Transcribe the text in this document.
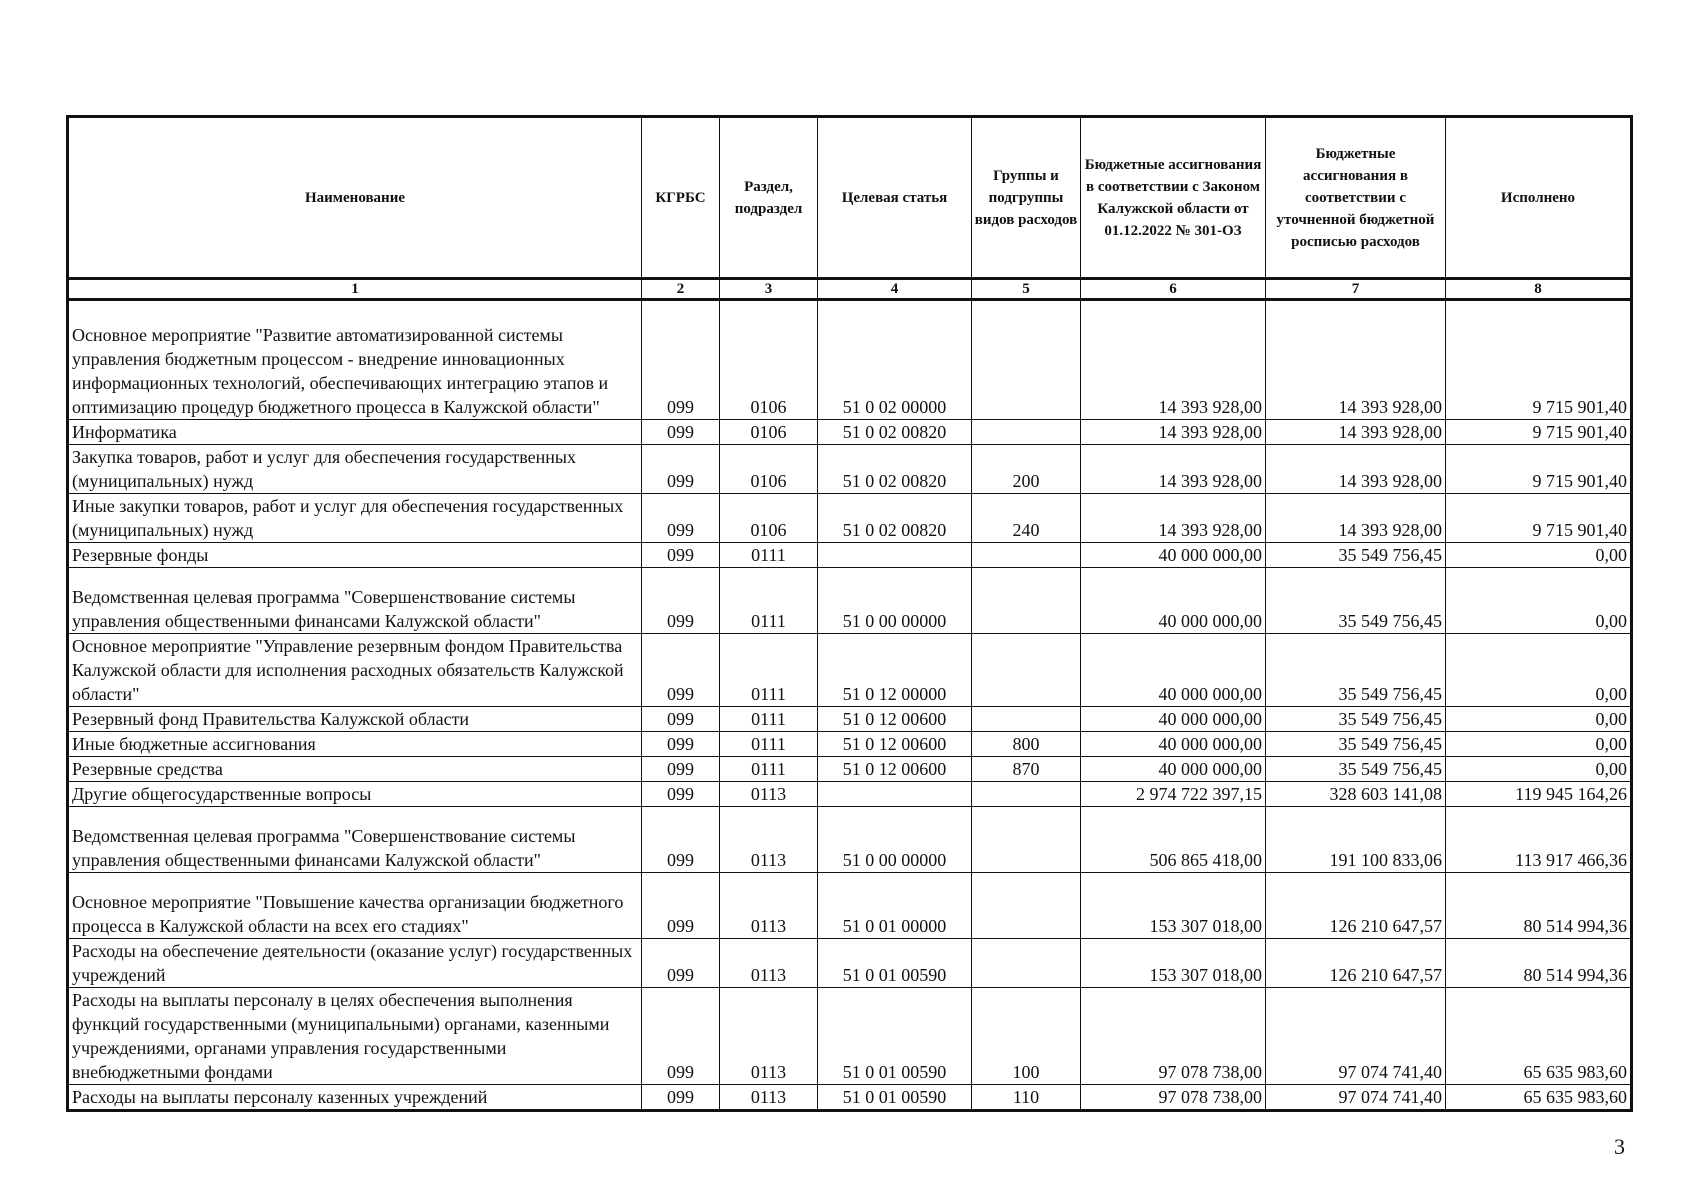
Наименование	КГРБС	Раздел, подраздел	Целевая статья	Группы и подгруппы видов расходов	Бюджетные ассигнования в соответствии с Законом Калужской области от 01.12.2022 № 301-ОЗ	Бюджетные ассигнования в соответствии с уточненной бюджетной росписью расходов	Исполнено
1	2	3	4	5	6	7	8
Основное мероприятие "Развитие автоматизированной системы управления бюджетным процессом - внедрение инновационных информационных технологий, обеспечивающих интеграцию этапов и оптимизацию процедур бюджетного процесса в Калужской области"	099	0106	51 0 02 00000		14 393 928,00	14 393 928,00	9 715 901,40
Информатика	099	0106	51 0 02 00820		14 393 928,00	14 393 928,00	9 715 901,40
Закупка товаров, работ и услуг для обеспечения государственных (муниципальных) нужд	099	0106	51 0 02 00820	200	14 393 928,00	14 393 928,00	9 715 901,40
Иные закупки товаров, работ и услуг для обеспечения государственных (муниципальных) нужд	099	0106	51 0 02 00820	240	14 393 928,00	14 393 928,00	9 715 901,40
Резервные фонды	099	0111			40 000 000,00	35 549 756,45	0,00
Ведомственная целевая программа "Совершенствование системы управления общественными финансами Калужской области"	099	0111	51 0 00 00000		40 000 000,00	35 549 756,45	0,00
Основное мероприятие "Управление резервным фондом Правительства Калужской области для исполнения расходных обязательств Калужской области"	099	0111	51 0 12 00000		40 000 000,00	35 549 756,45	0,00
Резервный фонд Правительства Калужской области	099	0111	51 0 12 00600		40 000 000,00	35 549 756,45	0,00
Иные бюджетные ассигнования	099	0111	51 0 12 00600	800	40 000 000,00	35 549 756,45	0,00
Резервные средства	099	0111	51 0 12 00600	870	40 000 000,00	35 549 756,45	0,00
Другие общегосударственные вопросы	099	0113			2 974 722 397,15	328 603 141,08	119 945 164,26
Ведомственная целевая программа "Совершенствование системы управления общественными финансами Калужской области"	099	0113	51 0 00 00000		506 865 418,00	191 100 833,06	113 917 466,36
Основное мероприятие "Повышение качества организации бюджетного процесса в Калужской области на всех его стадиях"	099	0113	51 0 01 00000		153 307 018,00	126 210 647,57	80 514 994,36
Расходы на обеспечение деятельности (оказание услуг) государственных учреждений	099	0113	51 0 01 00590		153 307 018,00	126 210 647,57	80 514 994,36
Расходы на выплаты персоналу в целях обеспечения выполнения функций государственными (муниципальными) органами, казенными учреждениями, органами управления государственными внебюджетными фондами	099	0113	51 0 01 00590	100	97 078 738,00	97 074 741,40	65 635 983,60
Расходы на выплаты персоналу казенных учреждений	099	0113	51 0 01 00590	110	97 078 738,00	97 074 741,40	65 635 983,60
3
